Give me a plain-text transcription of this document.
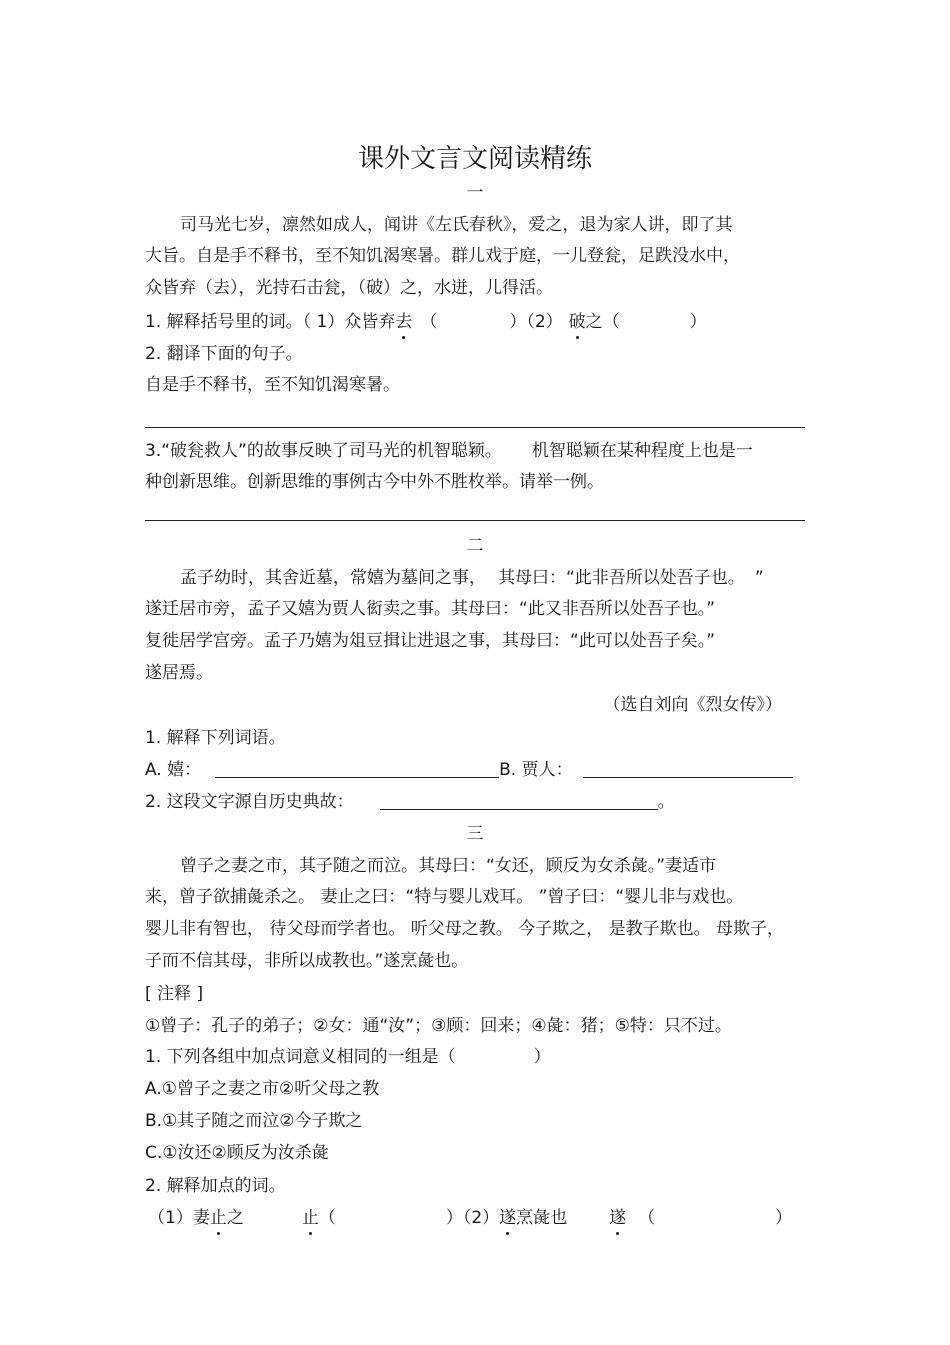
课外文言文阅读精练
一
司马光七岁，凛然如成人，闻讲《左氏春秋》，爱之，退为家人讲，即了其
大旨。自是手不释书，至不知饥渴寒暑。群儿戏于庭，一儿登瓮，足跌没水中，
众皆弃（去），光持石击瓮，（破）之，水迸，儿得活。
1. 解释括号里的词。（ 1）众皆弃去 （	）（2） 破之（	）
2. 翻译下面的句子。
自是手不释书，至不知饥渴寒暑。
3.“破瓮救人”的故事反映了司马光的机智聪颖。 机智聪颖在某种程度上也是一
种创新思维。创新思维的事例古今中外不胜枚举。请举一例。
二
孟子幼时，其舍近墓，常嬉为墓间之事， 其母曰：“此非吾所以处吾子也。 ”
遂迁居市旁，孟子又嬉为贾人衒卖之事。其母曰：“此又非吾所以处吾子也。”
复徙居学宫旁。孟子乃嬉为俎豆揖让进退之事，其母曰：“此可以处吾子矣。”
遂居焉。
（选自刘向《烈女传》）
1. 解释下列词语。
A. 嬉：	B. 贾人：
2. 这段文字源自历史典故：	。
三
曾子之妻之市，其子随之而泣。其母曰：“女还，顾反为女杀彘。”妻适市
来，曾子欲捕彘杀之。 妻止之曰：“特与婴儿戏耳。 ”曾子曰：“婴儿非与戏也。
婴儿非有智也， 待父母而学者也。 听父母之教。 今子欺之， 是教子欺也。 母欺子，
子而不信其母，非所以成教也。”遂烹彘也。
[ 注释 ]
①曾子：孔子的弟子；②女：通“汝”；③顾：回来；④彘：猪；⑤特：只不过。
1. 下列各组中加点词意义相同的一组是（	）
A.①曾子之妻之市②听父母之教
B.①其子随之而泣②今子欺之
C.①汝还②顾反为汝杀彘
2. 解释加点的词。
（1）妻止之	止（	）（2）遂烹彘也 遂 （	）
